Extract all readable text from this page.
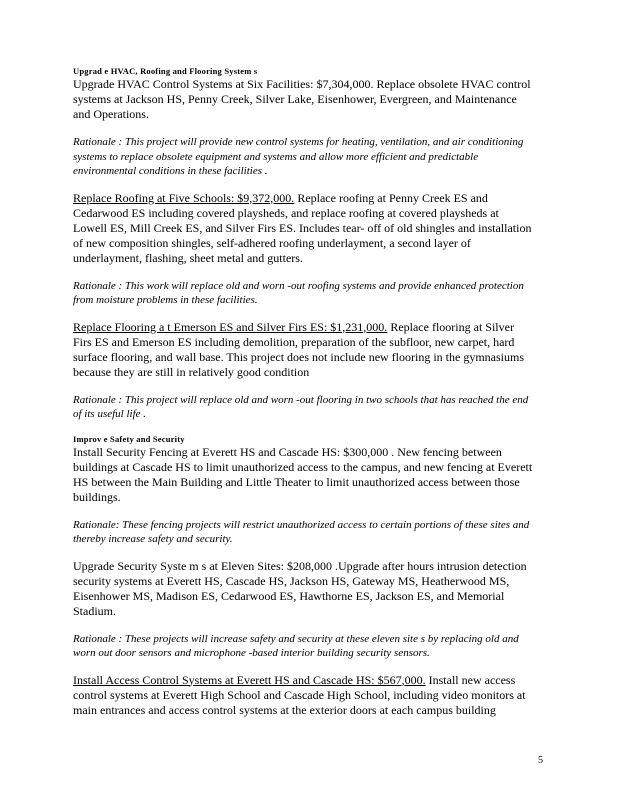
Upgrad e HVAC, Roofing and Flooring System s

Upgrade HVAC Control Systems at Six Facilities: $7,304,000. Replace obsolete HVAC control systems at Jackson HS, Penny Creek, Silver Lake, Eisenhower, Evergreen, and Maintenance and Operations.

Rationale : This project will provide new control systems for heating, ventilation, and air conditioning systems to replace obsolete equipment and systems and allow more efficient and predictable environmental conditions in these facilities .

Replace Roofing at Five Schools: $9,372,000. Replace roofing at Penny Creek ES and Cedarwood ES including covered playsheds, and replace roofing at covered playsheds at Lowell ES, Mill Creek ES, and Silver Firs ES. Includes tear- off of old shingles and installation of new composition shingles, self-adhered roofing underlayment, a second layer of underlayment, flashing, sheet metal and gutters.

Rationale : This work will replace old and worn -out roofing systems and provide enhanced protection from moisture problems in these facilities.

Replace Flooring a t Emerson ES and Silver Firs ES: $1,231,000. Replace flooring at Silver Firs ES and Emerson ES including demolition, preparation of the subfloor, new carpet, hard surface flooring, and wall base. This project does not include new flooring in the gymnasiums because they are still in relatively good condition

Rationale : This project will replace old and worn -out flooring in two schools that has reached the end of its useful life .

Improv e Safety and Security

Install Security Fencing at Everett HS and Cascade HS: $300,000 . New fencing between buildings at Cascade HS to limit unauthorized access to the campus, and new fencing at Everett HS between the Main Building and Little Theater to limit unauthorized access between those buildings.

Rationale: These fencing projects will restrict unauthorized access to certain portions of these sites and thereby increase safety and security.

Upgrade Security Syste m s at Eleven Sites: $208,000 .Upgrade after hours intrusion detection security systems at Everett HS, Cascade HS, Jackson HS, Gateway MS, Heatherwood MS, Eisenhower MS, Madison ES, Cedarwood ES, Hawthorne ES, Jackson ES, and Memorial Stadium.

Rationale : These projects will increase safety and security at these eleven site s by replacing old and worn out door sensors and microphone -based interior building security sensors.

Install Access Control Systems at Everett HS and Cascade HS: $567,000. Install new access control systems at Everett High School and Cascade High School, including video monitors at main entrances and access control systems at the exterior doors at each campus building

5
